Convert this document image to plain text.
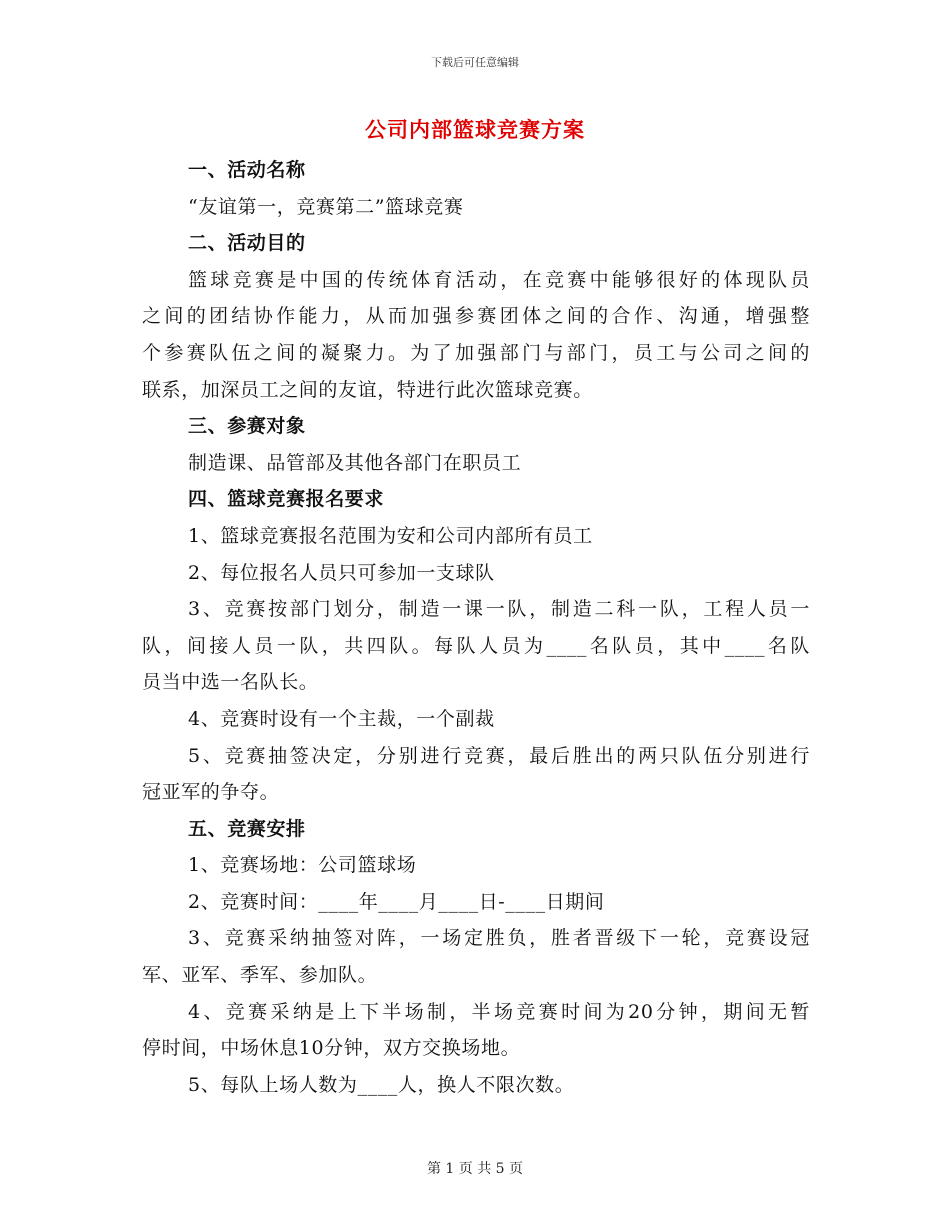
下载后可任意编辑
公司内部篮球竞赛方案

一、活动名称

“友谊第一，竞赛第二”篮球竞赛

二、活动目的

篮球竞赛是中国的传统体育活动，在竞赛中能够很好的体现队员

之间的团结协作能力，从而加强参赛团体之间的合作、沟通，增强整

个参赛队伍之间的凝聚力。为了加强部门与部门，员工与公司之间的

联系，加深员工之间的友谊，特进行此次篮球竞赛。

三、参赛对象

制造课、品管部及其他各部门在职员工

四、篮球竞赛报名要求

1、篮球竞赛报名范围为安和公司内部所有员工

2、每位报名人员只可参加一支球队

3、竞赛按部门划分，制造一课一队，制造二科一队，工程人员一

队，间接人员一队，共四队。每队人员为____名队员，其中____名队

员当中选一名队长。

4、竞赛时设有一个主裁，一个副裁

5、竞赛抽签决定，分别进行竞赛，最后胜出的两只队伍分别进行

冠亚军的争夺。

五、竞赛安排

1、竞赛场地：公司篮球场

2、竞赛时间：____年____月____日-____日期间

3、竞赛采纳抽签对阵，一场定胜负，胜者晋级下一轮，竞赛设冠

军、亚军、季军、参加队。

4、竞赛采纳是上下半场制，半场竞赛时间为20分钟，期间无暂

停时间，中场休息10分钟，双方交换场地。

5、每队上场人数为____人，换人不限次数。

第 1 页 共 5 页
